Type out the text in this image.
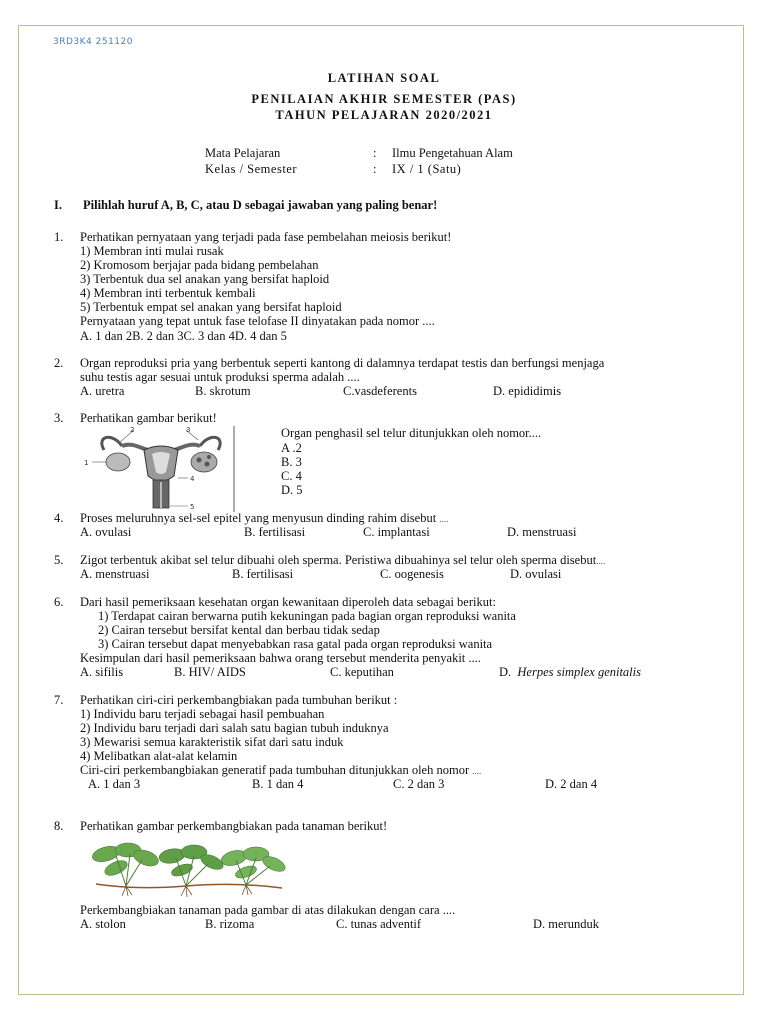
3RD3K4 251120
LATIHAN SOAL
PENILAIAN AKHIR SEMESTER (PAS)
TAHUN PELAJARAN 2020/2021
Mata Pelajaran	: Ilmu Pengetahuan Alam
Kelas / Semester	: IX / 1 (Satu)
I. Pilihlah huruf A, B, C, atau D sebagai jawaban yang paling benar!
1. Perhatikan pernyataan yang terjadi pada fase pembelahan meiosis berikut!
1) Membran inti mulai rusak
2) Kromosom berjajar pada bidang pembelahan
3) Terbentuk dua sel anakan yang bersifat haploid
4) Membran inti terbentuk kembali
5) Terbentuk empat sel anakan yang bersifat haploid
Pernyataan yang tepat untuk fase telofase II dinyatakan pada nomor ....
A. 1 dan 2B. 2 dan 3C. 3 dan 4D. 4 dan 5
2. Organ reproduksi pria yang berbentuk seperti kantong di dalamnya terdapat testis dan berfungsi menjaga
suhu testis agar sesuai untuk produksi sperma adalah ....
A. uretra	B. skrotum	C.vasdeferents	D. epididimis
3. Perhatikan gambar berikut!
1
2	3
4
5
Organ penghasil sel telur ditunjukkan oleh nomor....
A .2
B. 3
C. 4
D. 5
4. Proses meluruhnya sel-sel epitel yang menyusun dinding rahim disebut ....
A. ovulasi	B. fertilisasi	C. implantasi	D. menstruasi
5. Zigot terbentuk akibat sel telur dibuahi oleh sperma. Peristiwa dibuahinya sel telur oleh sperma disebut....
A. menstruasi	B. fertilisasi	C. oogenesis	D. ovulasi
6. Dari hasil pemeriksaan kesehatan organ kewanitaan diperoleh data sebagai berikut:
1) Terdapat cairan berwarna putih kekuningan pada bagian organ reproduksi wanita
2) Cairan tersebut bersifat kental dan berbau tidak sedap
3) Cairan tersebut dapat menyebabkan rasa gatal pada organ reproduksi wanita
Kesimpulan dari hasil pemeriksaan bahwa orang tersebut menderita penyakit ....
A. sifilis	B. HIV/ AIDS	C. keputihan	D. Herpes simplex genitalis
7. Perhatikan ciri-ciri perkembangbiakan pada tumbuhan berikut :
1) Individu baru terjadi sebagai hasil pembuahan
2) Individu baru terjadi dari salah satu bagian tubuh induknya
3) Mewarisi semua karakteristik sifat dari satu induk
4) Melibatkan alat-alat kelamin
Ciri-ciri perkembangbiakan generatif pada tumbuhan ditunjukkan oleh nomor ....
A. 1 dan 3	B. 1 dan 4	C. 2 dan 3	D. 2 dan 4
8. Perhatikan gambar perkembangbiakan pada tanaman berikut!
Perkembangbiakan tanaman pada gambar di atas dilakukan dengan cara ....
A. stolon	B. rizoma	C. tunas adventif	D. merunduk
